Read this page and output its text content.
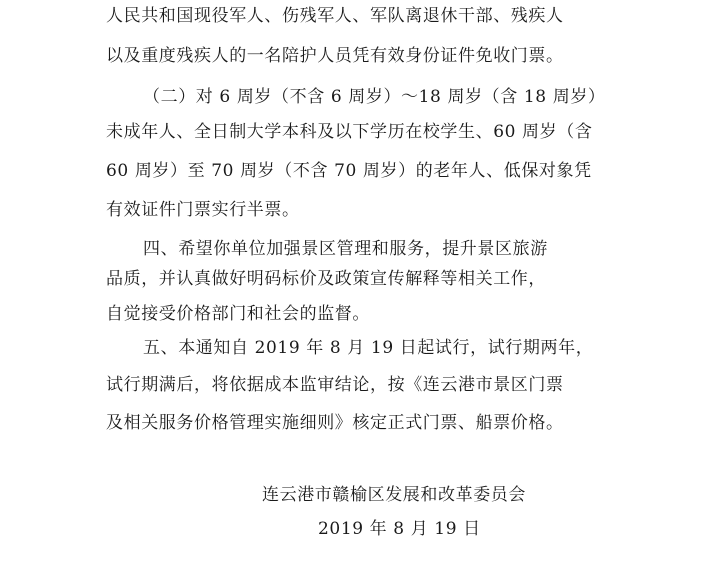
人民共和国现役军人、伤残军人、军队离退休干部、残疾人
以及重度残疾人的一名陪护人员凭有效身份证件免收门票。
（二）对 6 周岁（不含 6 周岁）～18 周岁（含 18 周岁）
未成年人、全日制大学本科及以下学历在校学生、60 周岁（含
60 周岁）至 70 周岁（不含 70 周岁）的老年人、低保对象凭
有效证件门票实行半票。
四、希望你单位加强景区管理和服务，提升景区旅游
品质，并认真做好明码标价及政策宣传解释等相关工作，
自觉接受价格部门和社会的监督。
五、本通知自 2019 年 8 月 19 日起试行，试行期两年，
试行期满后，将依据成本监审结论，按《连云港市景区门票
及相关服务价格管理实施细则》核定正式门票、船票价格。
连云港市赣榆区发展和改革委员会
2019 年 8 月 19 日
